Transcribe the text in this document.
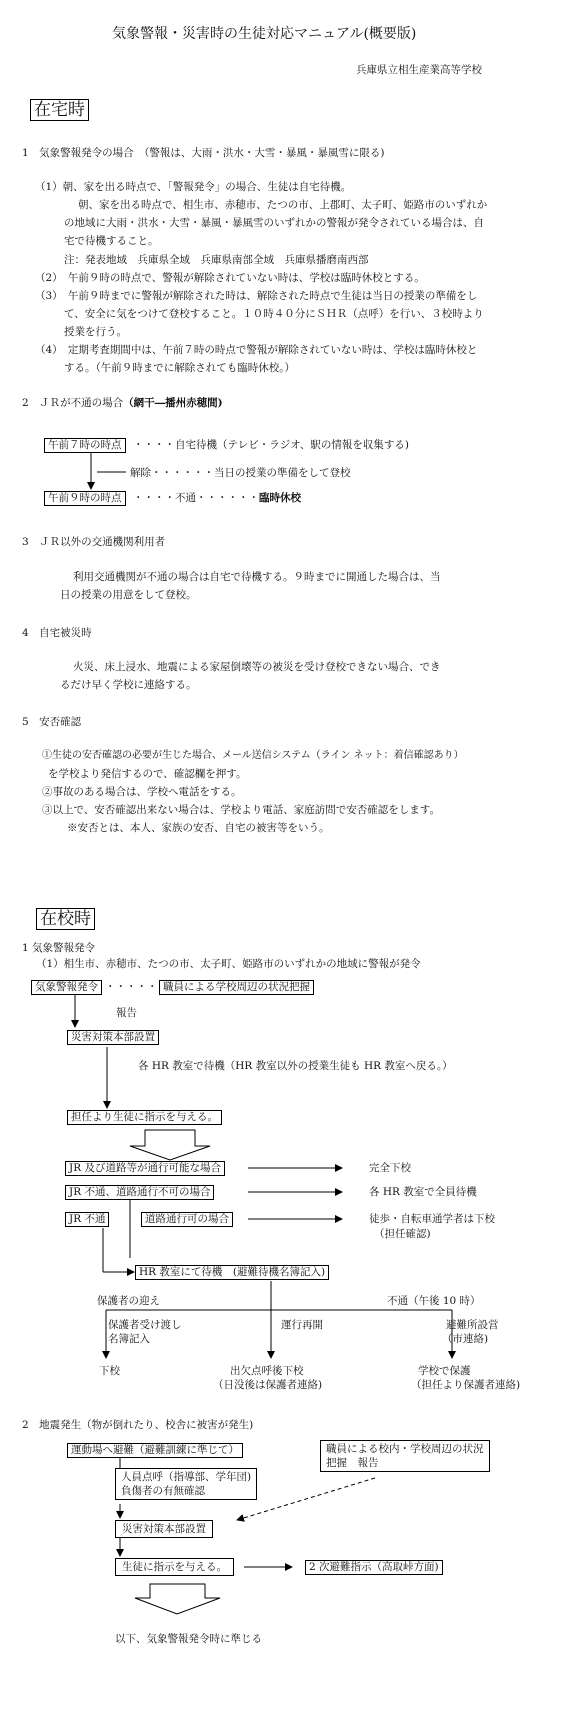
気象警報・災害時の生徒対応マニュアル(概要版)
兵庫県立相生産業高等学校
在宅時
1　気象警報発令の場合　（警報は、大雨・洪水・大雪・暴風・暴風雪に限る)
（1）朝、家を出る時点で、「警報発令」の場合、生徒は自宅待機。
朝、家を出る時点で、相生市、赤穂市、たつの市、上郡町、太子町、姫路市のいずれか
の地域に大雨・洪水・大雪・暴風・暴風雪のいずれかの警報が発令されている場合は、自
宅で待機すること。
注：発表地域　兵庫県全域　兵庫県南部全域　兵庫県播磨南西部
（2）　午前９時の時点で、警報が解除されていない時は、学校は臨時休校とする。
（3）　午前９時までに警報が解除された時は、解除された時点で生徒は当日の授業の準備をし
て、安全に気をつけて登校すること。１０時４０分にＳＨＲ（点呼）を行い、３校時より
授業を行う。
（4）　定期考査期間中は、午前７時の時点で警報が解除されていない時は、学校は臨時休校と
する。（午前９時までに解除されても臨時休校。）
2　ＪＲが不通の場合（網干―播州赤穂間)
午前７時の時点	・・・・自宅待機（テレビ・ラジオ、駅の情報を収集する)
解除・・・・・・当日の授業の準備をして登校
午前９時の時点	・・・・不通・・・・・・臨時休校
3　ＪＲ以外の交通機関利用者
利用交通機関が不通の場合は自宅で待機する。９時までに開通した場合は、当
日の授業の用意をして登校。
4　自宅被災時
火災、床上浸水、地震による家屋倒壊等の被災を受け登校できない場合、でき
るだけ早く学校に連絡する。
5　安否確認
①生徒の安否確認の必要が生じた場合、メール送信システム（ライン ネット：着信確認あり）
を学校より発信するので、確認欄を押す。
②事故のある場合は、学校へ電話をする。
③以上で、安否確認出来ない場合は、学校より電話、家庭訪問で安否確認をします。
※安否とは、本人、家族の安否、自宅の被害等をいう。
在校時
1 気象警報発令
（1）相生市、赤穂市、たつの市、太子町、姫路市のいずれかの地域に警報が発令
気象警報発令 ・・・・・ 職員による学校周辺の状況把握
報告
災害対策本部設置
各 HR 教室で待機（HR 教室以外の授業生徒も HR 教室へ戻る。）
担任より生徒に指示を与える。
JR 及び道路等が通行可能な場合	完全下校
JR 不通、道路通行不可の場合	各 HR 教室で全員待機
JR 不通	道路通行可の場合	徒歩・自転車通学者は下校
（担任確認)
HR 教室にて待機　(避難待機名簿記入)
保護者の迎え	不通（午後 10 時）
保護者受け渡し
名簿記入
運行再開	避難所設営
（市連絡)
下校	出欠点呼後下校
（日没後は保護者連絡)
学校で保護
（担任より保護者連絡)
2　地震発生（物が倒れたり、校舎に被害が発生)
運動場へ避難（避難訓練に準じて）	職員による校内・学校周辺の状況
把握　報告
人員点呼（指導部、学年団)
負傷者の有無確認
災害対策本部設置
生徒に指示を与える。	2 次避難指示（高取峠方面)
以下、気象警報発令時に準じる
